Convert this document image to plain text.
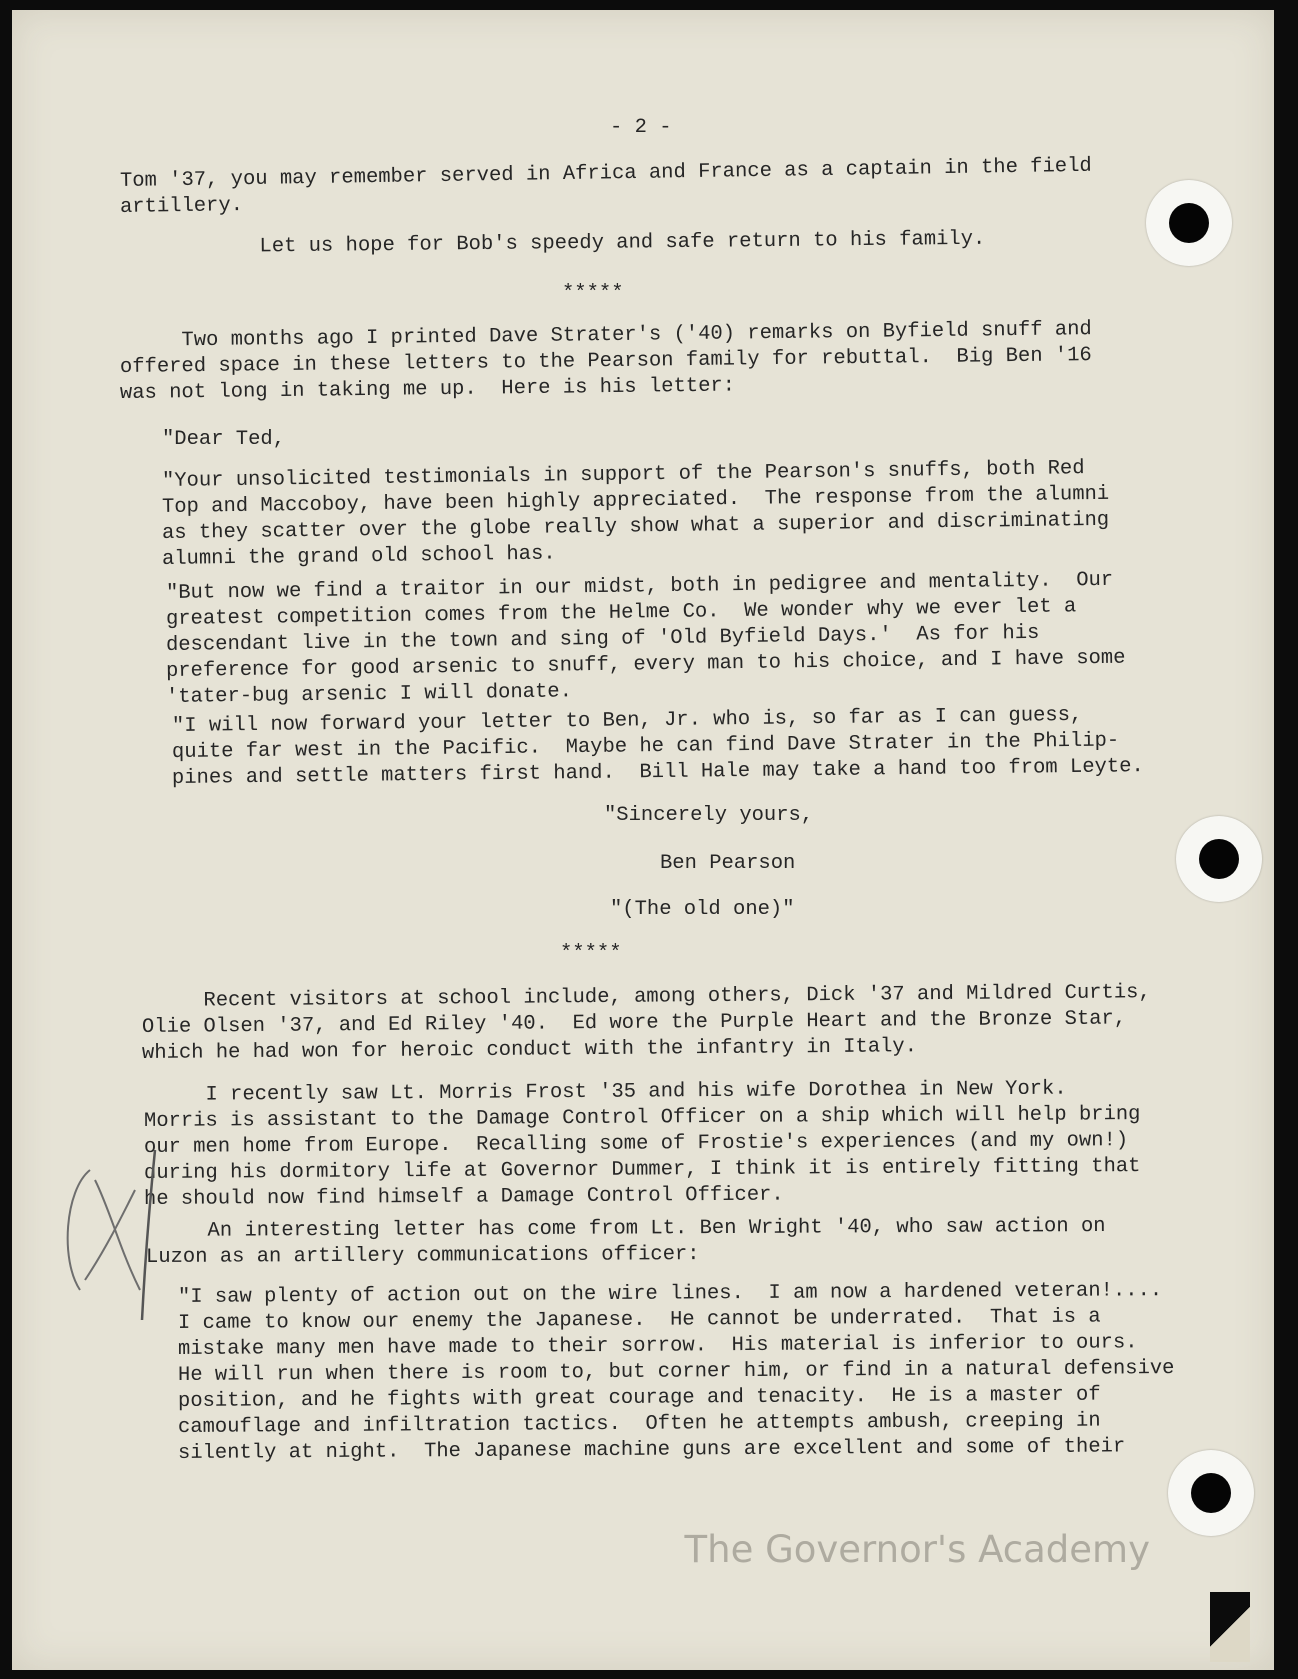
- 2 -
Tom '37, you may remember served in Africa and France as a captain in the field
artillery.
Let us hope for Bob's speedy and safe return to his family.
*****
Two months ago I printed Dave Strater's ('40) remarks on Byfield snuff and
offered space in these letters to the Pearson family for rebuttal.  Big Ben '16
was not long in taking me up.  Here is his letter:
"Dear Ted,
"Your unsolicited testimonials in support of the Pearson's snuffs, both Red
Top and Maccoboy, have been highly appreciated.  The response from the alumni
as they scatter over the globe really show what a superior and discriminating
alumni the grand old school has.
"But now we find a traitor in our midst, both in pedigree and mentality.  Our
greatest competition comes from the Helme Co.  We wonder why we ever let a
descendant live in the town and sing of 'Old Byfield Days.'  As for his
preference for good arsenic to snuff, every man to his choice, and I have some
'tater-bug arsenic I will donate.
"I will now forward your letter to Ben, Jr. who is, so far as I can guess,
quite far west in the Pacific.  Maybe he can find Dave Strater in the Philip-
pines and settle matters first hand.  Bill Hale may take a hand too from Leyte.
"Sincerely yours,
Ben Pearson
"(The old one)"
*****
Recent visitors at school include, among others, Dick '37 and Mildred Curtis,
Olie Olsen '37, and Ed Riley '40.  Ed wore the Purple Heart and the Bronze Star,
which he had won for heroic conduct with the infantry in Italy.
I recently saw Lt. Morris Frost '35 and his wife Dorothea in New York.
Morris is assistant to the Damage Control Officer on a ship which will help bring
our men home from Europe.  Recalling some of Frostie's experiences (and my own!)
during his dormitory life at Governor Dummer, I think it is entirely fitting that
he should now find himself a Damage Control Officer.
An interesting letter has come from Lt. Ben Wright '40, who saw action on
Luzon as an artillery communications officer:
"I saw plenty of action out on the wire lines.  I am now a hardened veteran!....
I came to know our enemy the Japanese.  He cannot be underrated.  That is a
mistake many men have made to their sorrow.  His material is inferior to ours.
He will run when there is room to, but corner him, or find in a natural defensive
position, and he fights with great courage and tenacity.  He is a master of
camouflage and infiltration tactics.  Often he attempts ambush, creeping in
silently at night.  The Japanese machine guns are excellent and some of their
The Governor's Academy
